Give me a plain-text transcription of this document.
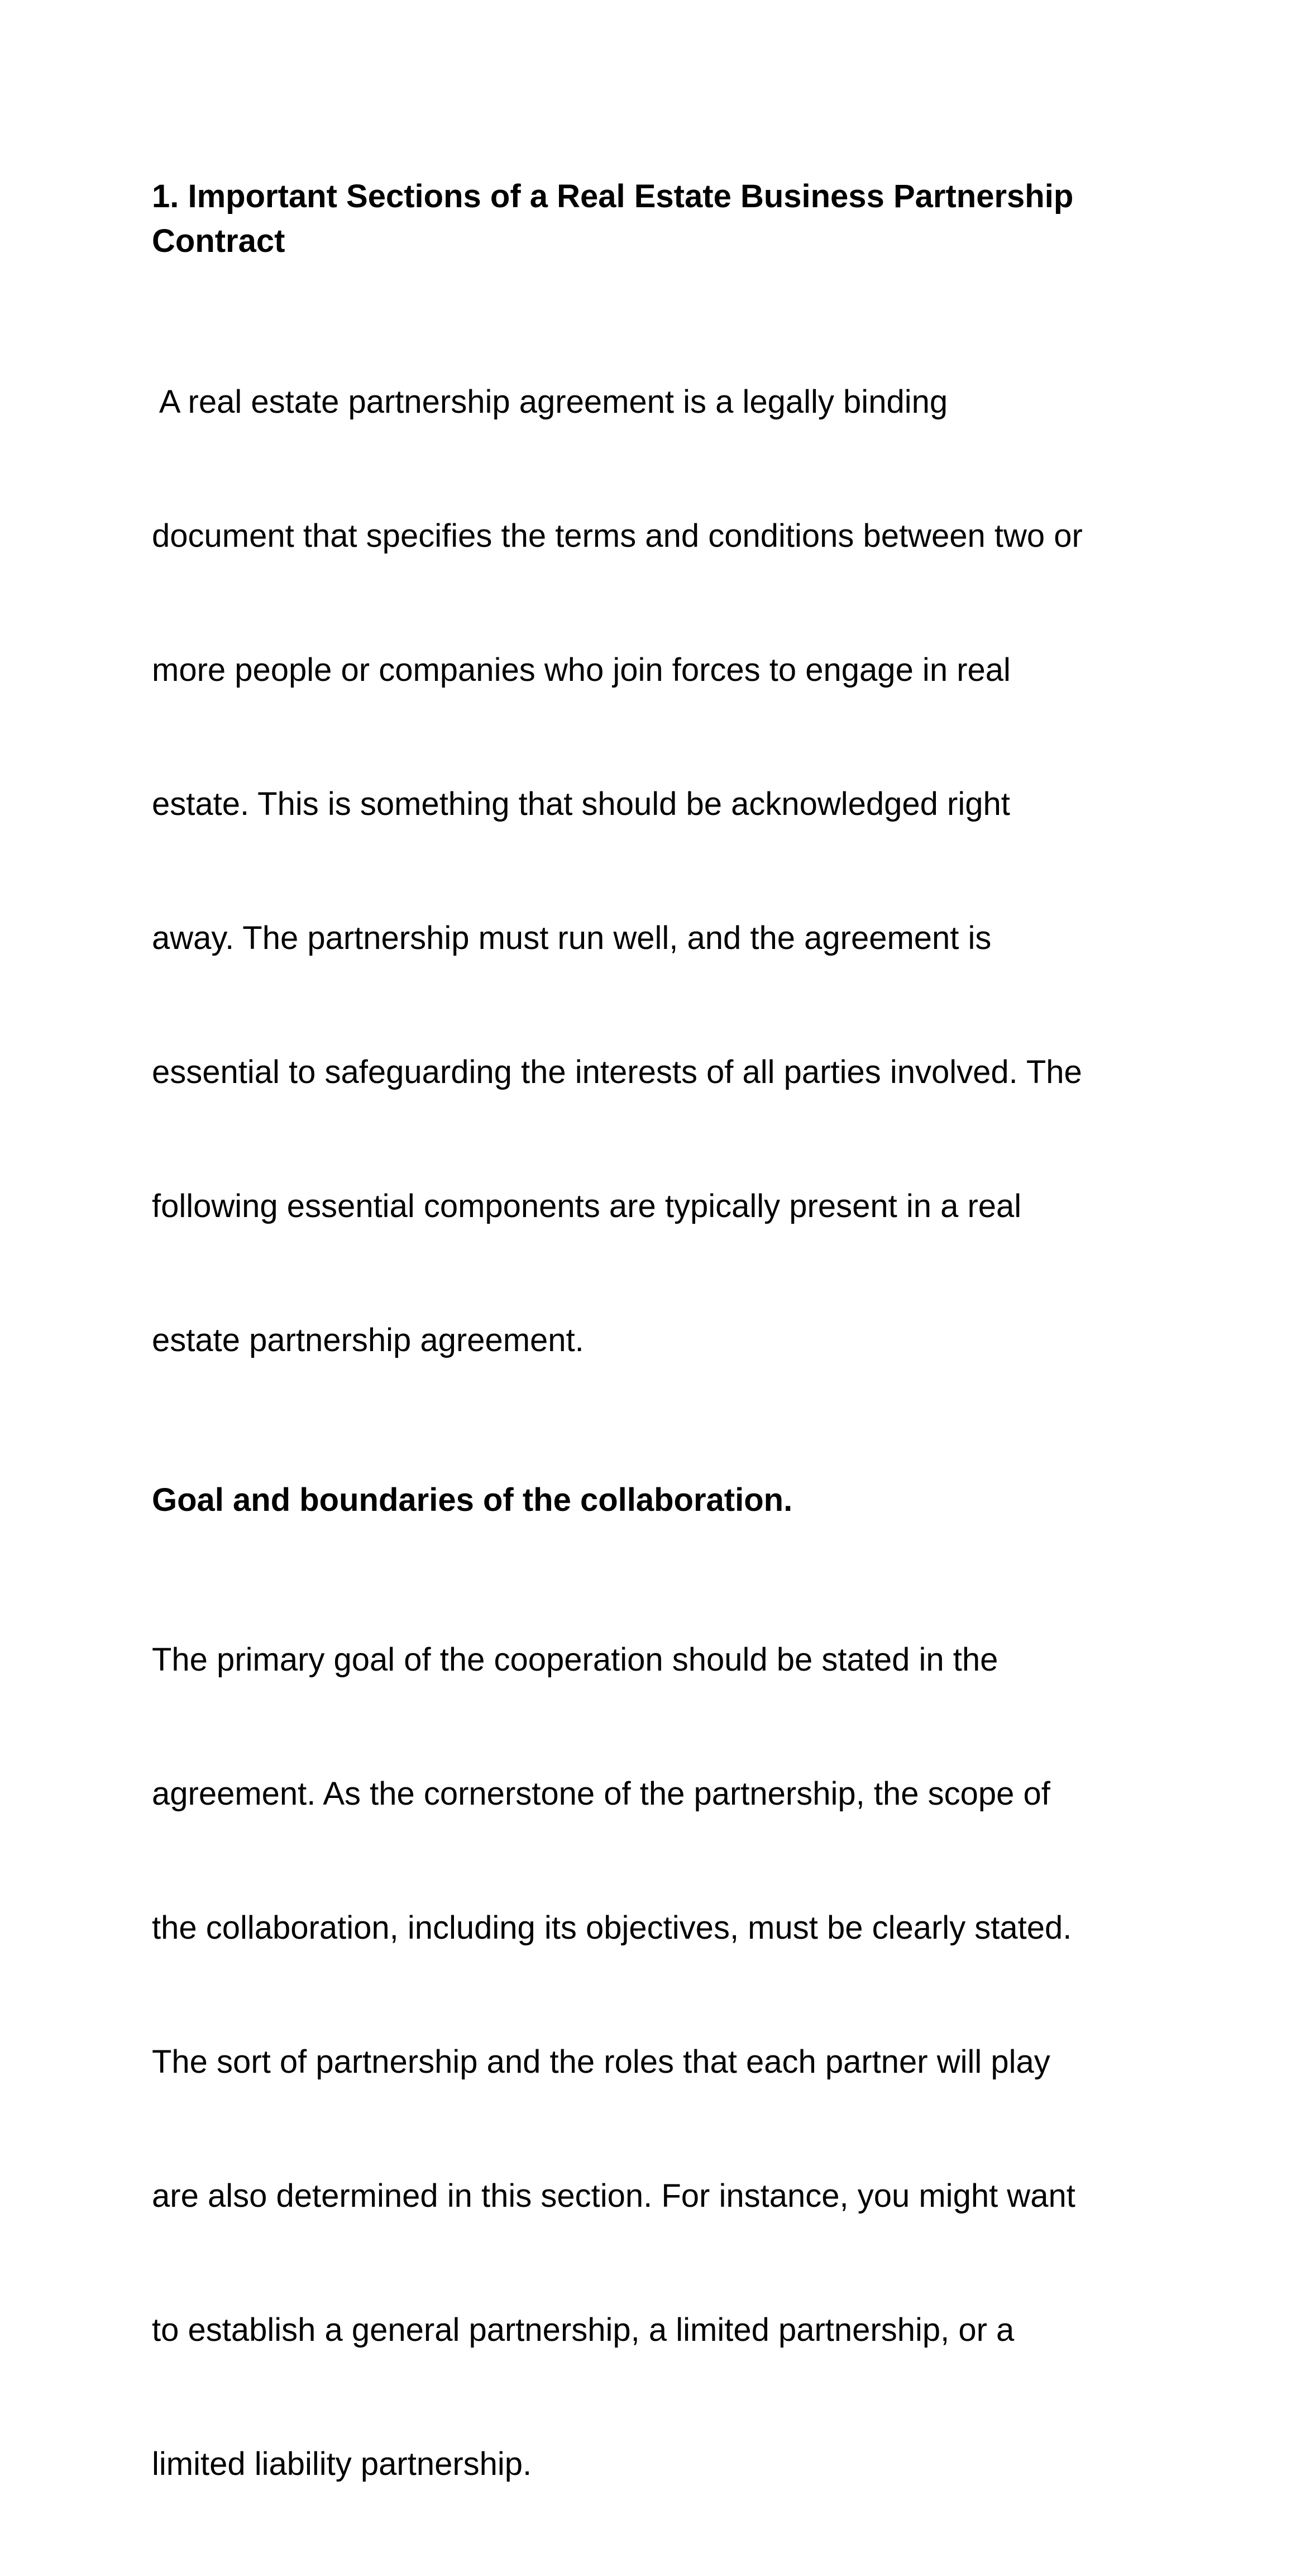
1. Important Sections of a Real Estate Business Partnership
Contract

A real estate partnership agreement is a legally binding

document that specifies the terms and conditions between two or

more people or companies who join forces to engage in real

estate. This is something that should be acknowledged right

away. The partnership must run well, and the agreement is

essential to safeguarding the interests of all parties involved. The

following essential components are typically present in a real

estate partnership agreement.

Goal and boundaries of the collaboration.

The primary goal of the cooperation should be stated in the

agreement. As the cornerstone of the partnership, the scope of

the collaboration, including its objectives, must be clearly stated.

The sort of partnership and the roles that each partner will play

are also determined in this section. For instance, you might want

to establish a general partnership, a limited partnership, or a

limited liability partnership.
